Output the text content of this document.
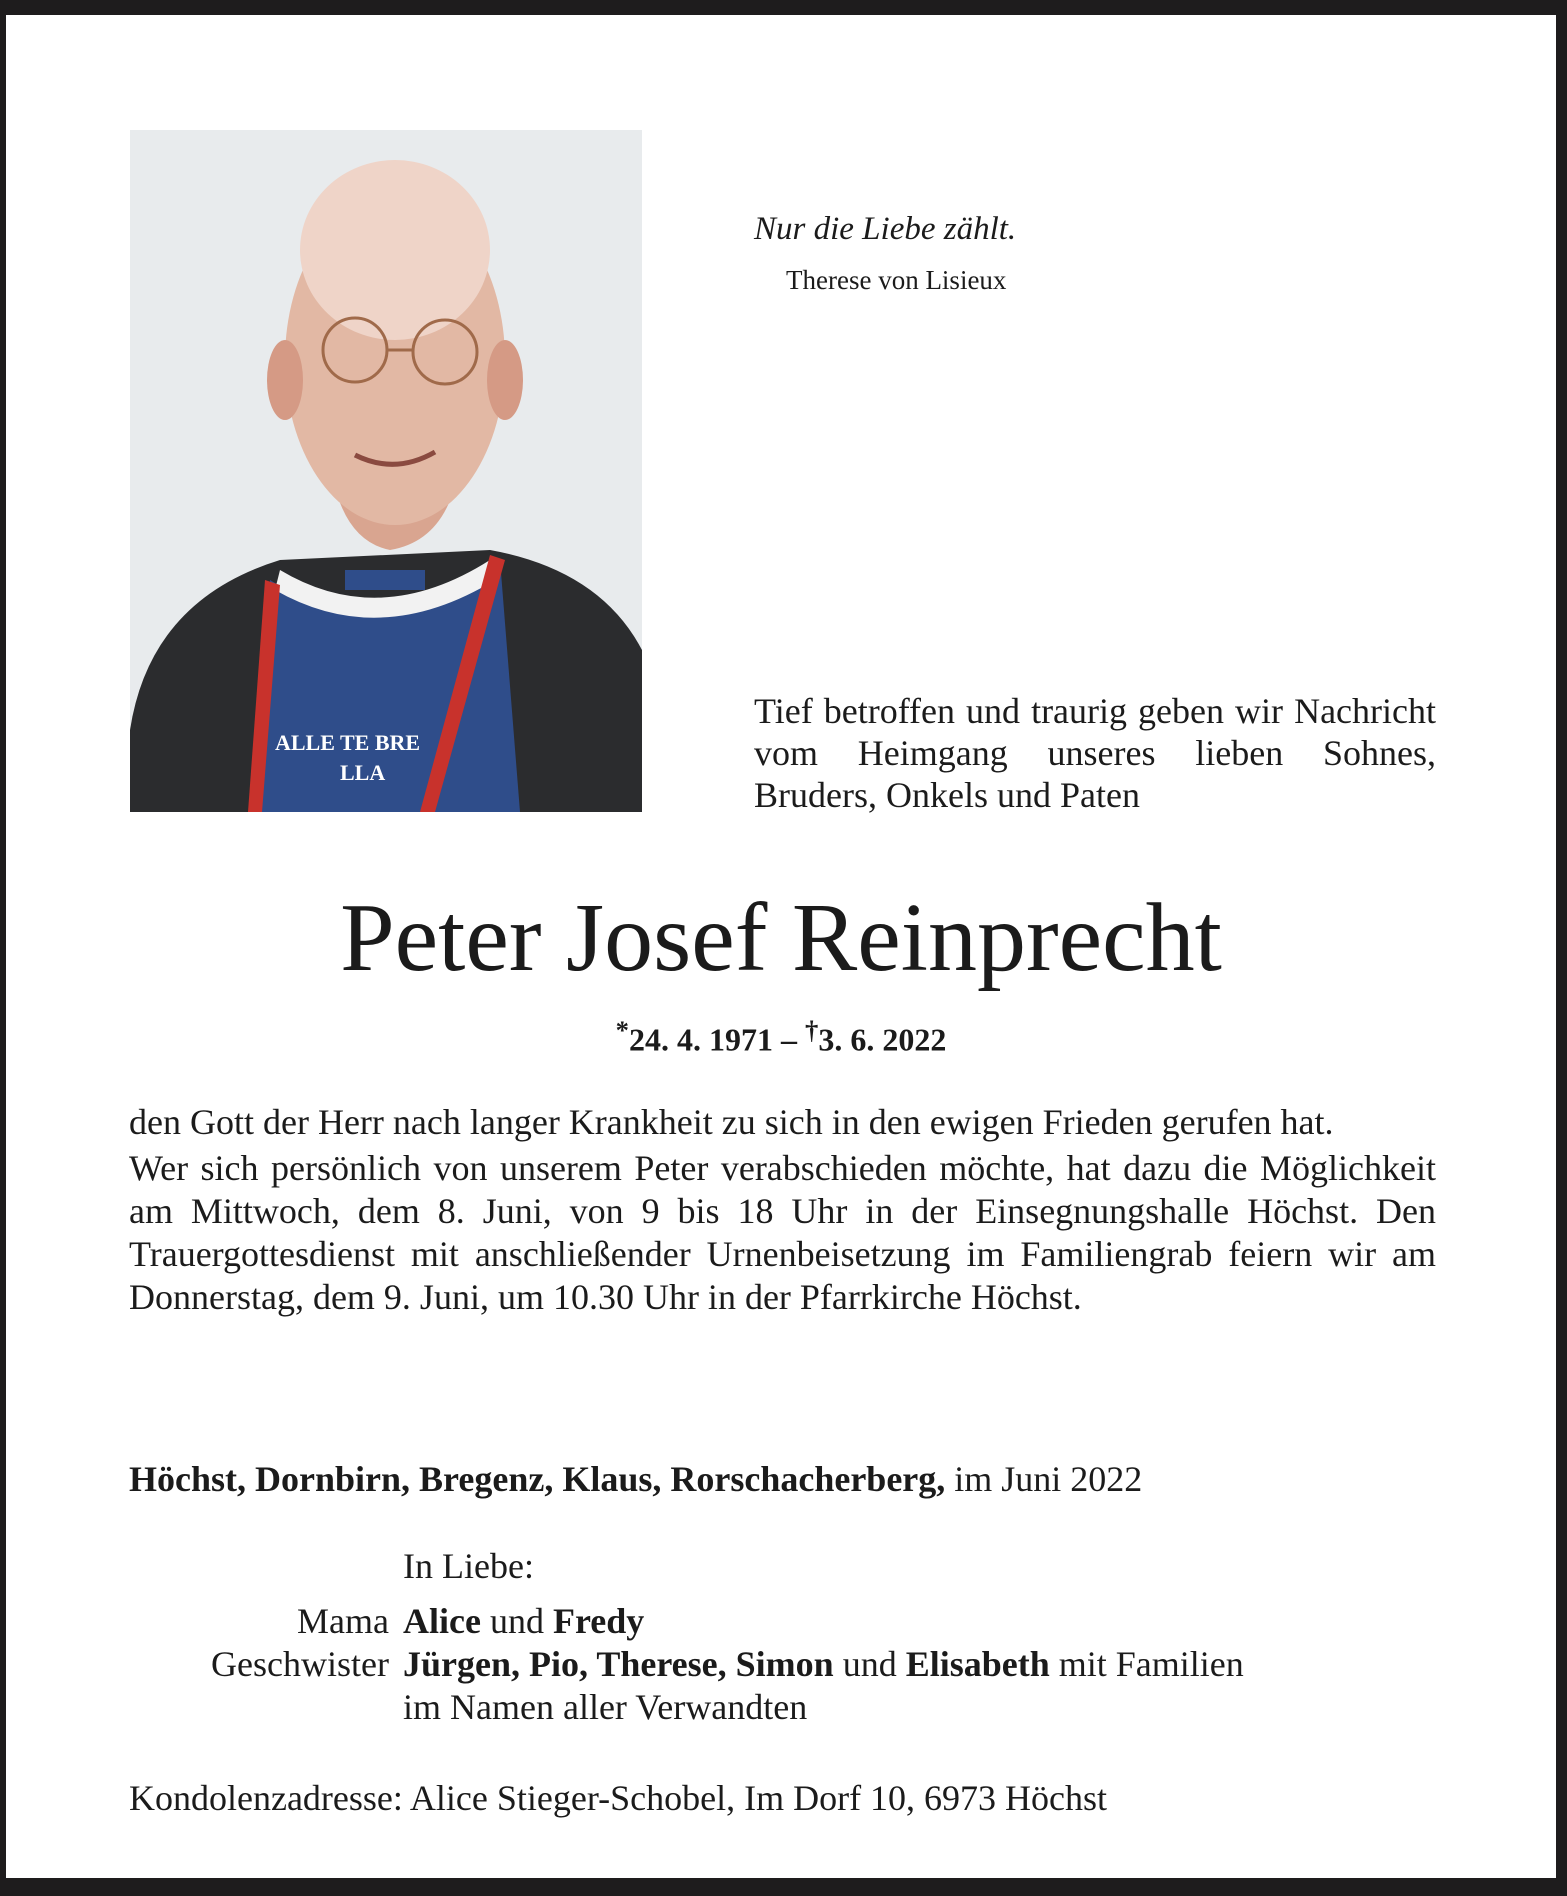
ALLE TE BRE
LLA
Nur die Liebe zählt.
Therese von Lisieux
Tief betroffen und traurig geben wir Nachricht vom Heimgang unseres lieben Sohnes, Bruders, Onkels und Paten
Peter Josef Reinprecht
*24. 4. 1971 – †3. 6. 2022

den Gott der Herr nach langer Krankheit zu sich in den ewigen Frieden gerufen hat.

Wer sich persönlich von unserem Peter verabschieden möchte, hat dazu die Möglichkeit am Mittwoch, dem 8. Juni, von 9 bis 18 Uhr in der Einsegnungshalle Höchst. Den Trauergottesdienst mit anschließender Urnenbeisetzung im Familiengrab feiern wir am Donnerstag, dem 9. Juni, um 10.30 Uhr in der Pfarrkirche Höchst.

Höchst, Dornbirn, Bregenz, Klaus, Rorschacherberg, im Juni 2022
In Liebe:
Mama Alice und Fredy
Geschwister Jürgen, Pio, Therese, Simon und Elisabeth mit Familien
im Namen aller Verwandten
Kondolenzadresse: Alice Stieger-Schobel, Im Dorf 10, 6973 Höchst
